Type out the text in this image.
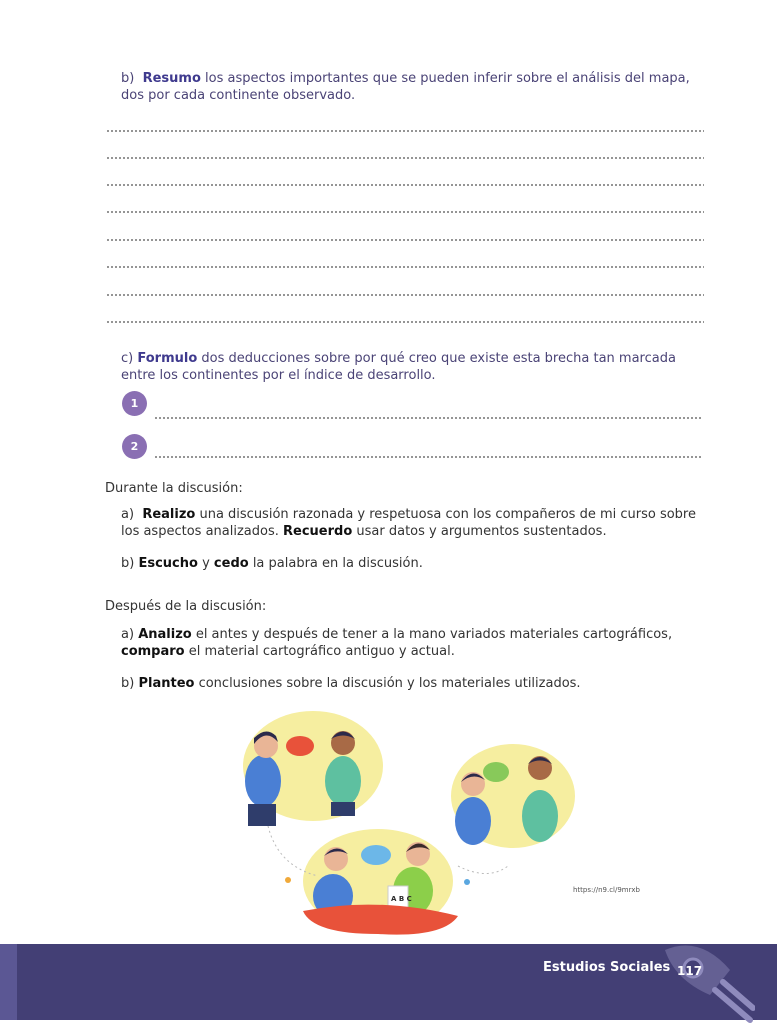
b) Resumo los aspectos importantes que se pueden inferir sobre el análisis del mapa, dos por cada continente observado.

c) Formulo dos deducciones sobre por qué creo que existe esta brecha tan marcada entre los continentes por el índice de desarrollo.

1
2

Durante la discusión:

a) Realizo una discusión razonada y respetuosa con los compañeros de mi curso sobre los aspectos analizados. Recuerdo usar datos y argumentos sustentados.

b) Escucho y cedo la palabra en la discusión.

Después de la discusión:

a) Analizo el antes y después de tener a la mano variados materiales cartográficos, comparo el material cartográfico antiguo y actual.

b) Planteo conclusiones sobre la discusión y los materiales utilizados.

A B C

https://n9.cl/9mrxb

Estudios Sociales 117
